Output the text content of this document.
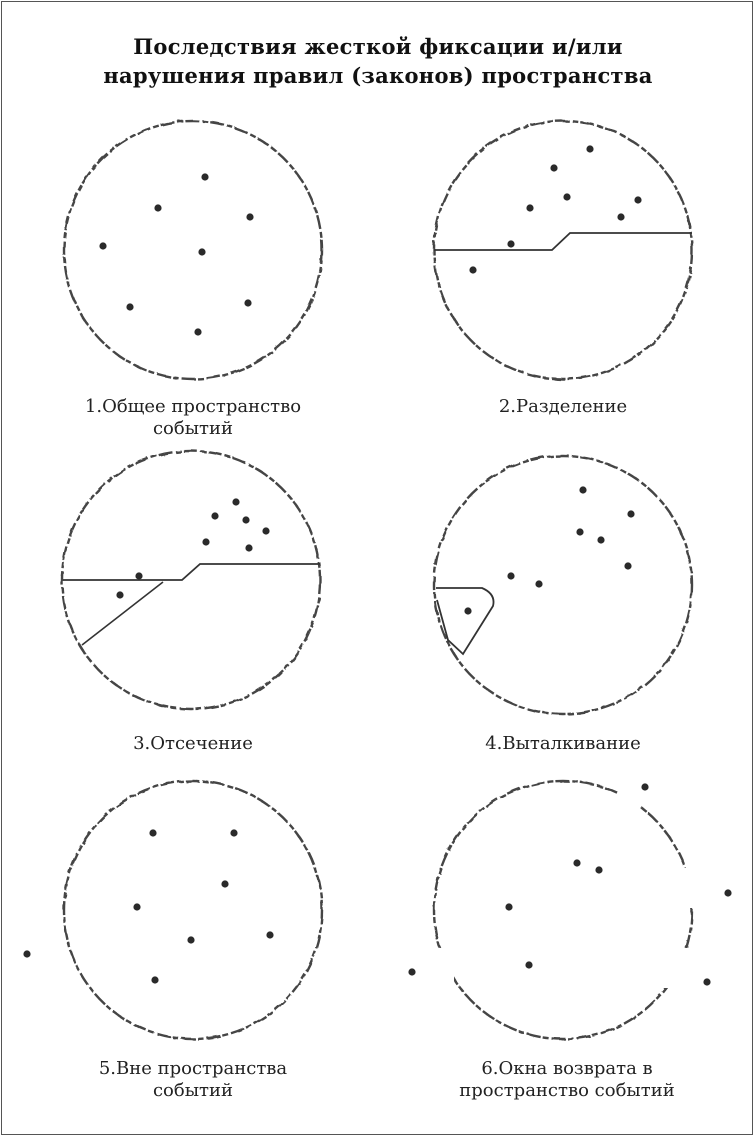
Последствия жесткой фиксации и/или
нарушения правил (законов) пространства
1.Общее пространство
событий
2.Разделение
3.Отсечение	4.Выталкивание
5.Вне пространства
событий
6.Окна возврата в
пространство событий
